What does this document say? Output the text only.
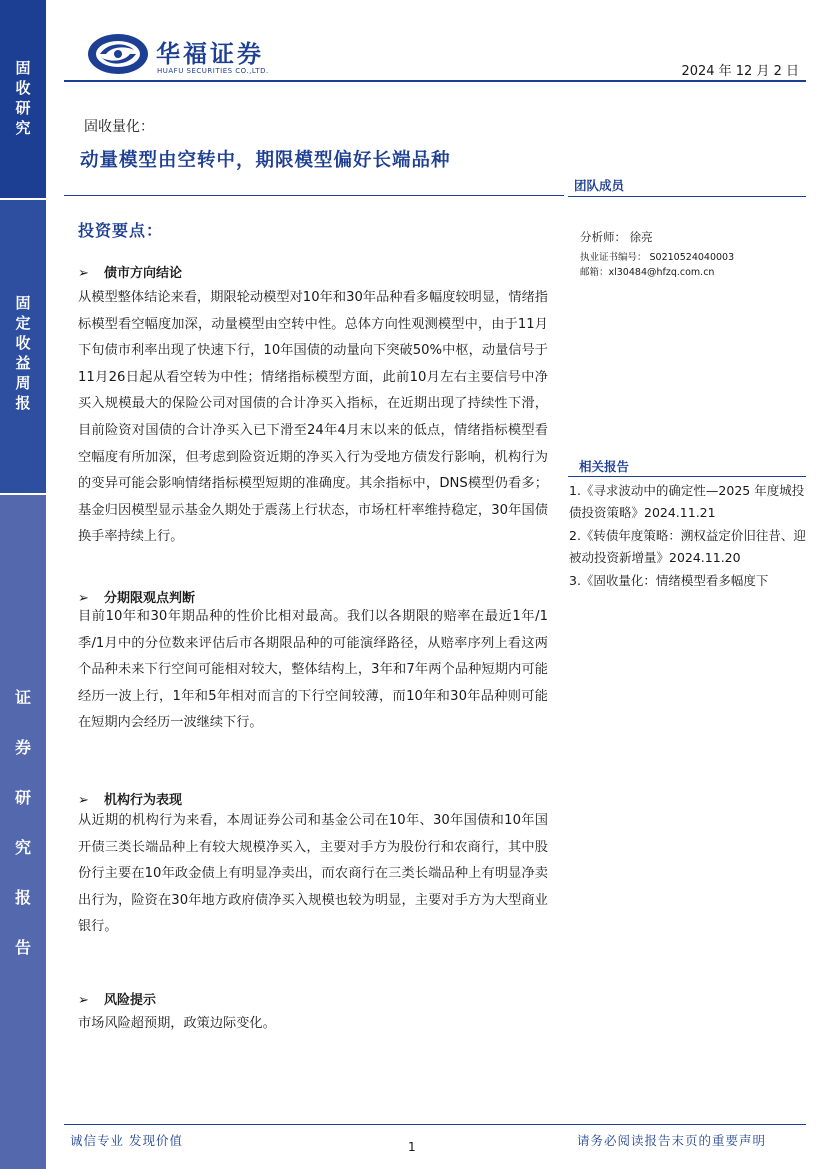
固
收
研
究
固
定
收
益
周
报
证
券
研
究
报
告
华福证券
HUAFU SECURITIES CO.,LTD.	2024 年 12 月 2 日
固收量化：
动量模型由空转中，期限模型偏好长端品种
团队成员
分析师： 徐亮
执业证书编号： S0210524040003
邮箱：xl30484@hfzq.com.cn
投资要点：
➢ 债市方向结论
从模型整体结论来看，期限轮动模型对10年和30年品种看多幅度较明显，情绪指标模型看空幅度加深，动量模型由空转中性。总体方向性观测模型中，由于11月下旬债市利率出现了快速下行，10年国债的动量向下突破50%中枢，动量信号于11月26日起从看空转为中性；情绪指标模型方面，此前10月左右主要信号中净买入规模最大的保险公司对国债的合计净买入指标，在近期出现了持续性下滑，目前险资对国债的合计净买入已下滑至24年4月末以来的低点，情绪指标模型看空幅度有所加深，但考虑到险资近期的净买入行为受地方债发行影响，机构行为的变异可能会影响情绪指标模型短期的准确度。其余指标中，DNS模型仍看多；基金归因模型显示基金久期处于震荡上行状态，市场杠杆率维持稳定，30年国债换手率持续上行。
➢ 分期限观点判断
目前10年和30年期品种的性价比相对最高。我们以各期限的赔率在最近1年/1季/1月中的分位数来评估后市各期限品种的可能演绎路径，从赔率序列上看这两个品种未来下行空间可能相对较大，整体结构上，3年和7年两个品种短期内可能经历一波上行，1年和5年相对而言的下行空间较薄，而10年和30年品种则可能在短期内会经历一波继续下行。
➢ 机构行为表现
从近期的机构行为来看，本周证券公司和基金公司在10年、30年国债和10年国开债三类长端品种上有较大规模净买入，主要对手方为股份行和农商行，其中股份行主要在10年政金债上有明显净卖出，而农商行在三类长端品种上有明显净卖出行为，险资在30年地方政府债净买入规模也较为明显，主要对手方为大型商业银行。
➢ 风险提示
市场风险超预期，政策边际变化。
相关报告
1.《寻求波动中的确定性—2025 年度城投债投资策略》2024.11.21
2.《转债年度策略：溯权益定价旧往昔、迎被动投资新增量》2024.11.20
3.《固收量化：情绪模型看多幅度下
诚信专业 发现价值	1	请务必阅读报告末页的重要声明
